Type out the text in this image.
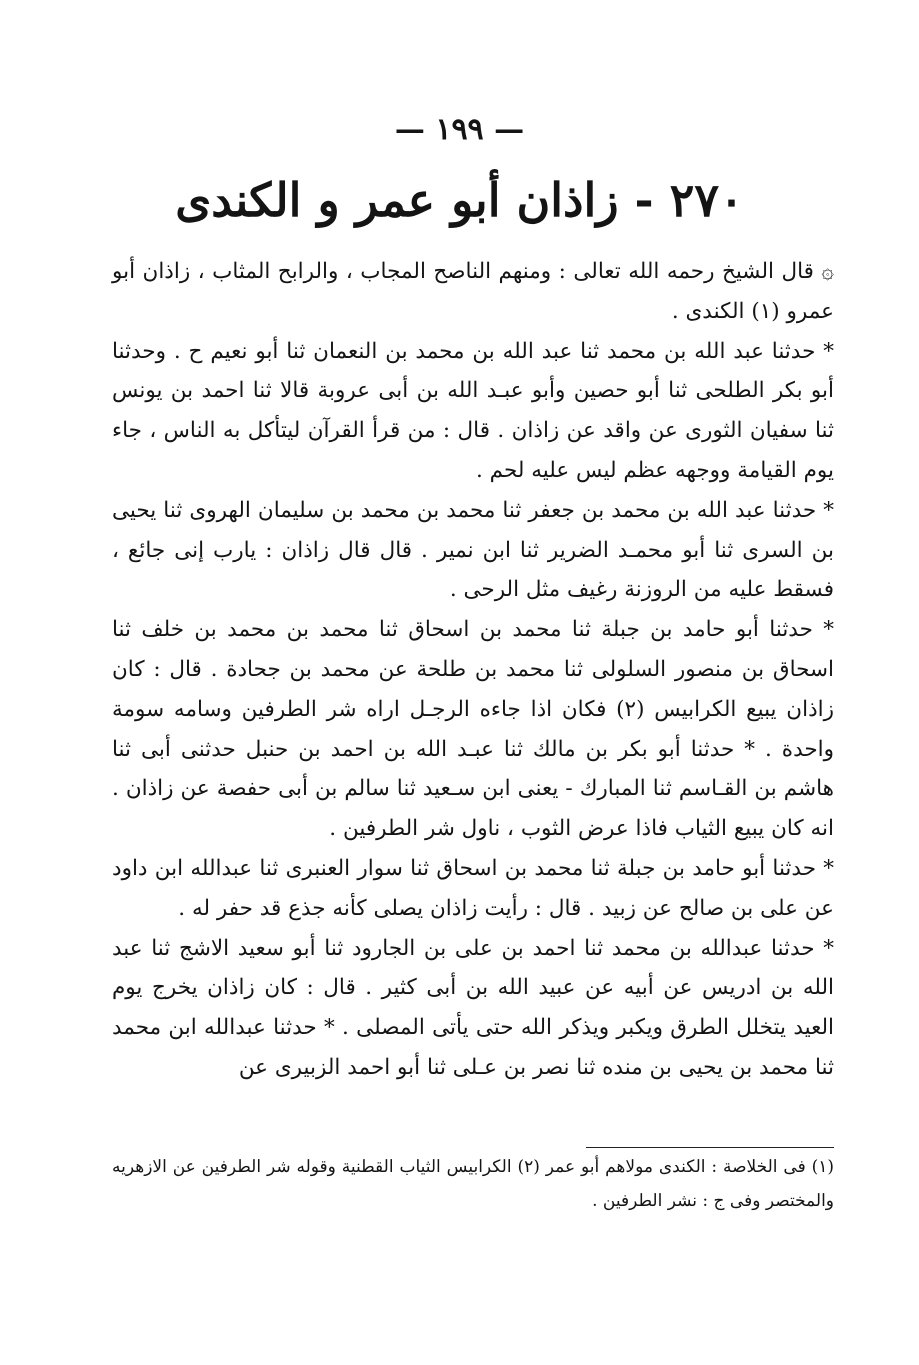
— ١٩٩ —
٢٧٠ - زاذان أبو عمر و الكندى

۞ قال الشيخ رحمه الله تعالى : ومنهم الناصح المجاب ، والرابح المثاب ، زاذان أبو عمرو (١) الكندى .

* حدثنا عبد الله بن محمد ثنا عبد الله بن محمد بن النعمان ثنا أبو نعيم ح . وحدثنا أبو بكر الطلحى ثنا أبو حصين وأبو عبـد الله بن أبى عروبة قالا ثنا احمد بن يونس ثنا سفيان الثورى عن واقد عن زاذان . قال : من قرأ القرآن ليتأكل به الناس ، جاء يوم القيامة ووجهه عظم ليس عليه لحم .

* حدثنا عبد الله بن محمد بن جعفر ثنا محمد بن محمد بن سليمان الهروى ثنا يحيى بن السرى ثنا أبو محمـد الضرير ثنا ابن نمير . قال قال زاذان : يارب إنى جائع ، فسقط عليه من الروزنة رغيف مثل الرحى .

* حدثنا أبو حامد بن جبلة ثنا محمد بن اسحاق ثنا محمد بن محمد بن خلف ثنا اسحاق بن منصور السلولى ثنا محمد بن طلحة عن محمد بن جحادة . قال : كان زاذان يبيع الكرابيس (٢) فكان اذا جاءه الرجـل اراه شر الطرفين وسامه سومة واحدة . * حدثنا أبو بكر بن مالك ثنا عبـد الله بن احمد بن حنبل حدثنى أبى ثنا هاشم بن القـاسم ثنا المبارك - يعنى ابن سـعيد ثنا سالم بن أبى حفصة عن زاذان . انه كان يبيع الثياب فاذا عرض الثوب ، ناول شر الطرفين .

* حدثنا أبو حامد بن جبلة ثنا محمد بن اسحاق ثنا سوار العنبرى ثنا عبدالله ابن داود عن على بن صالح عن زبيد . قال : رأيت زاذان يصلى كأنه جذع قد حفر له .

* حدثنا عبدالله بن محمد ثنا احمد بن على بن الجارود ثنا أبو سعيد الاشج ثنا عبد الله بن ادريس عن أبيه عن عبيد الله بن أبى كثير . قال : كان زاذان يخرج يوم العيد يتخلل الطرق ويكبر ويذكر الله حتى يأتى المصلى . * حدثنا عبدالله ابن محمد ثنا محمد بن يحيى بن منده ثنا نصر بن عـلى ثنا أبو احمد الزبيرى عن

(١) فى الخلاصة : الكندى مولاهم أبو عمر (٢) الكرابيس الثياب القطنية وقوله شر الطرفين عن الازهريه والمختصر وفى ج : نشر الطرفين .
